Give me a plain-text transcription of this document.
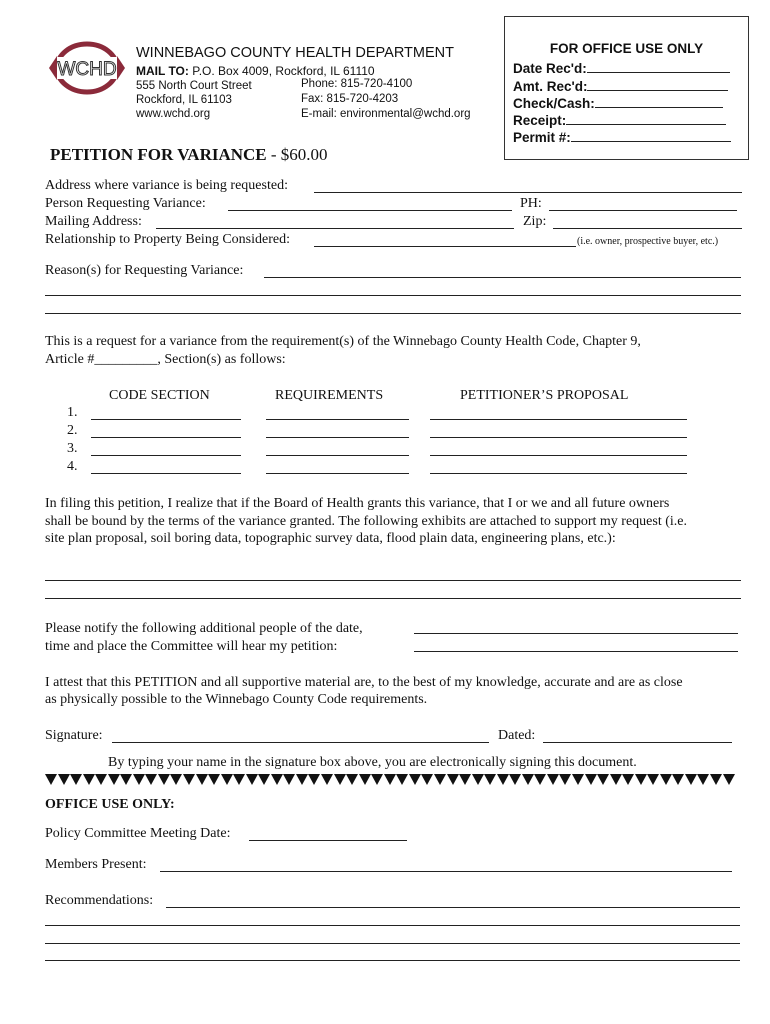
WCHD
WINNEBAGO COUNTY HEALTH DEPARTMENT
MAIL TO: P.O. Box 4009, Rockford, IL 61110
555 North Court Street
Rockford, IL 61103
www.wchd.org
Phone: 815-720-4100
Fax: 815-720-4203
E-mail: environmental@wchd.org
FOR OFFICE USE ONLY
Date Rec'd:
Amt. Rec'd:
Check/Cash:
Receipt:
Permit #:
PETITION FOR VARIANCE - $60.00
Address where variance is being requested:
Person Requesting Variance:	PH:
Mailing Address:	Zip:
Relationship to Property Being Considered:	(i.e. owner, prospective buyer, etc.)
Reason(s) for Requesting Variance:
This is a request for a variance from the requirement(s) of the Winnebago County Health Code, Chapter 9,
Article #_________, Section(s) as follows:
CODE SECTION	REQUIREMENTS	PETITIONER’S PROPOSAL
1.
2.
3.
4.
In filing this petition, I realize that if the Board of Health grants this variance, that I or we and all future owners
shall be bound by the terms of the variance granted. The following exhibits are attached to support my request (i.e.
site plan proposal, soil boring data, topographic survey data, flood plain data, engineering plans, etc.):
Please notify the following additional people of the date,
time and place the Committee will hear my petition:
I attest that this PETITION and all supportive material are, to the best of my knowledge, accurate and are as close
as physically possible to the Winnebago County Code requirements.
Signature:	Dated:
By typing your name in the signature box above, you are electronically signing this document.
OFFICE USE ONLY:
Policy Committee Meeting Date:
Members Present:
Recommendations:
